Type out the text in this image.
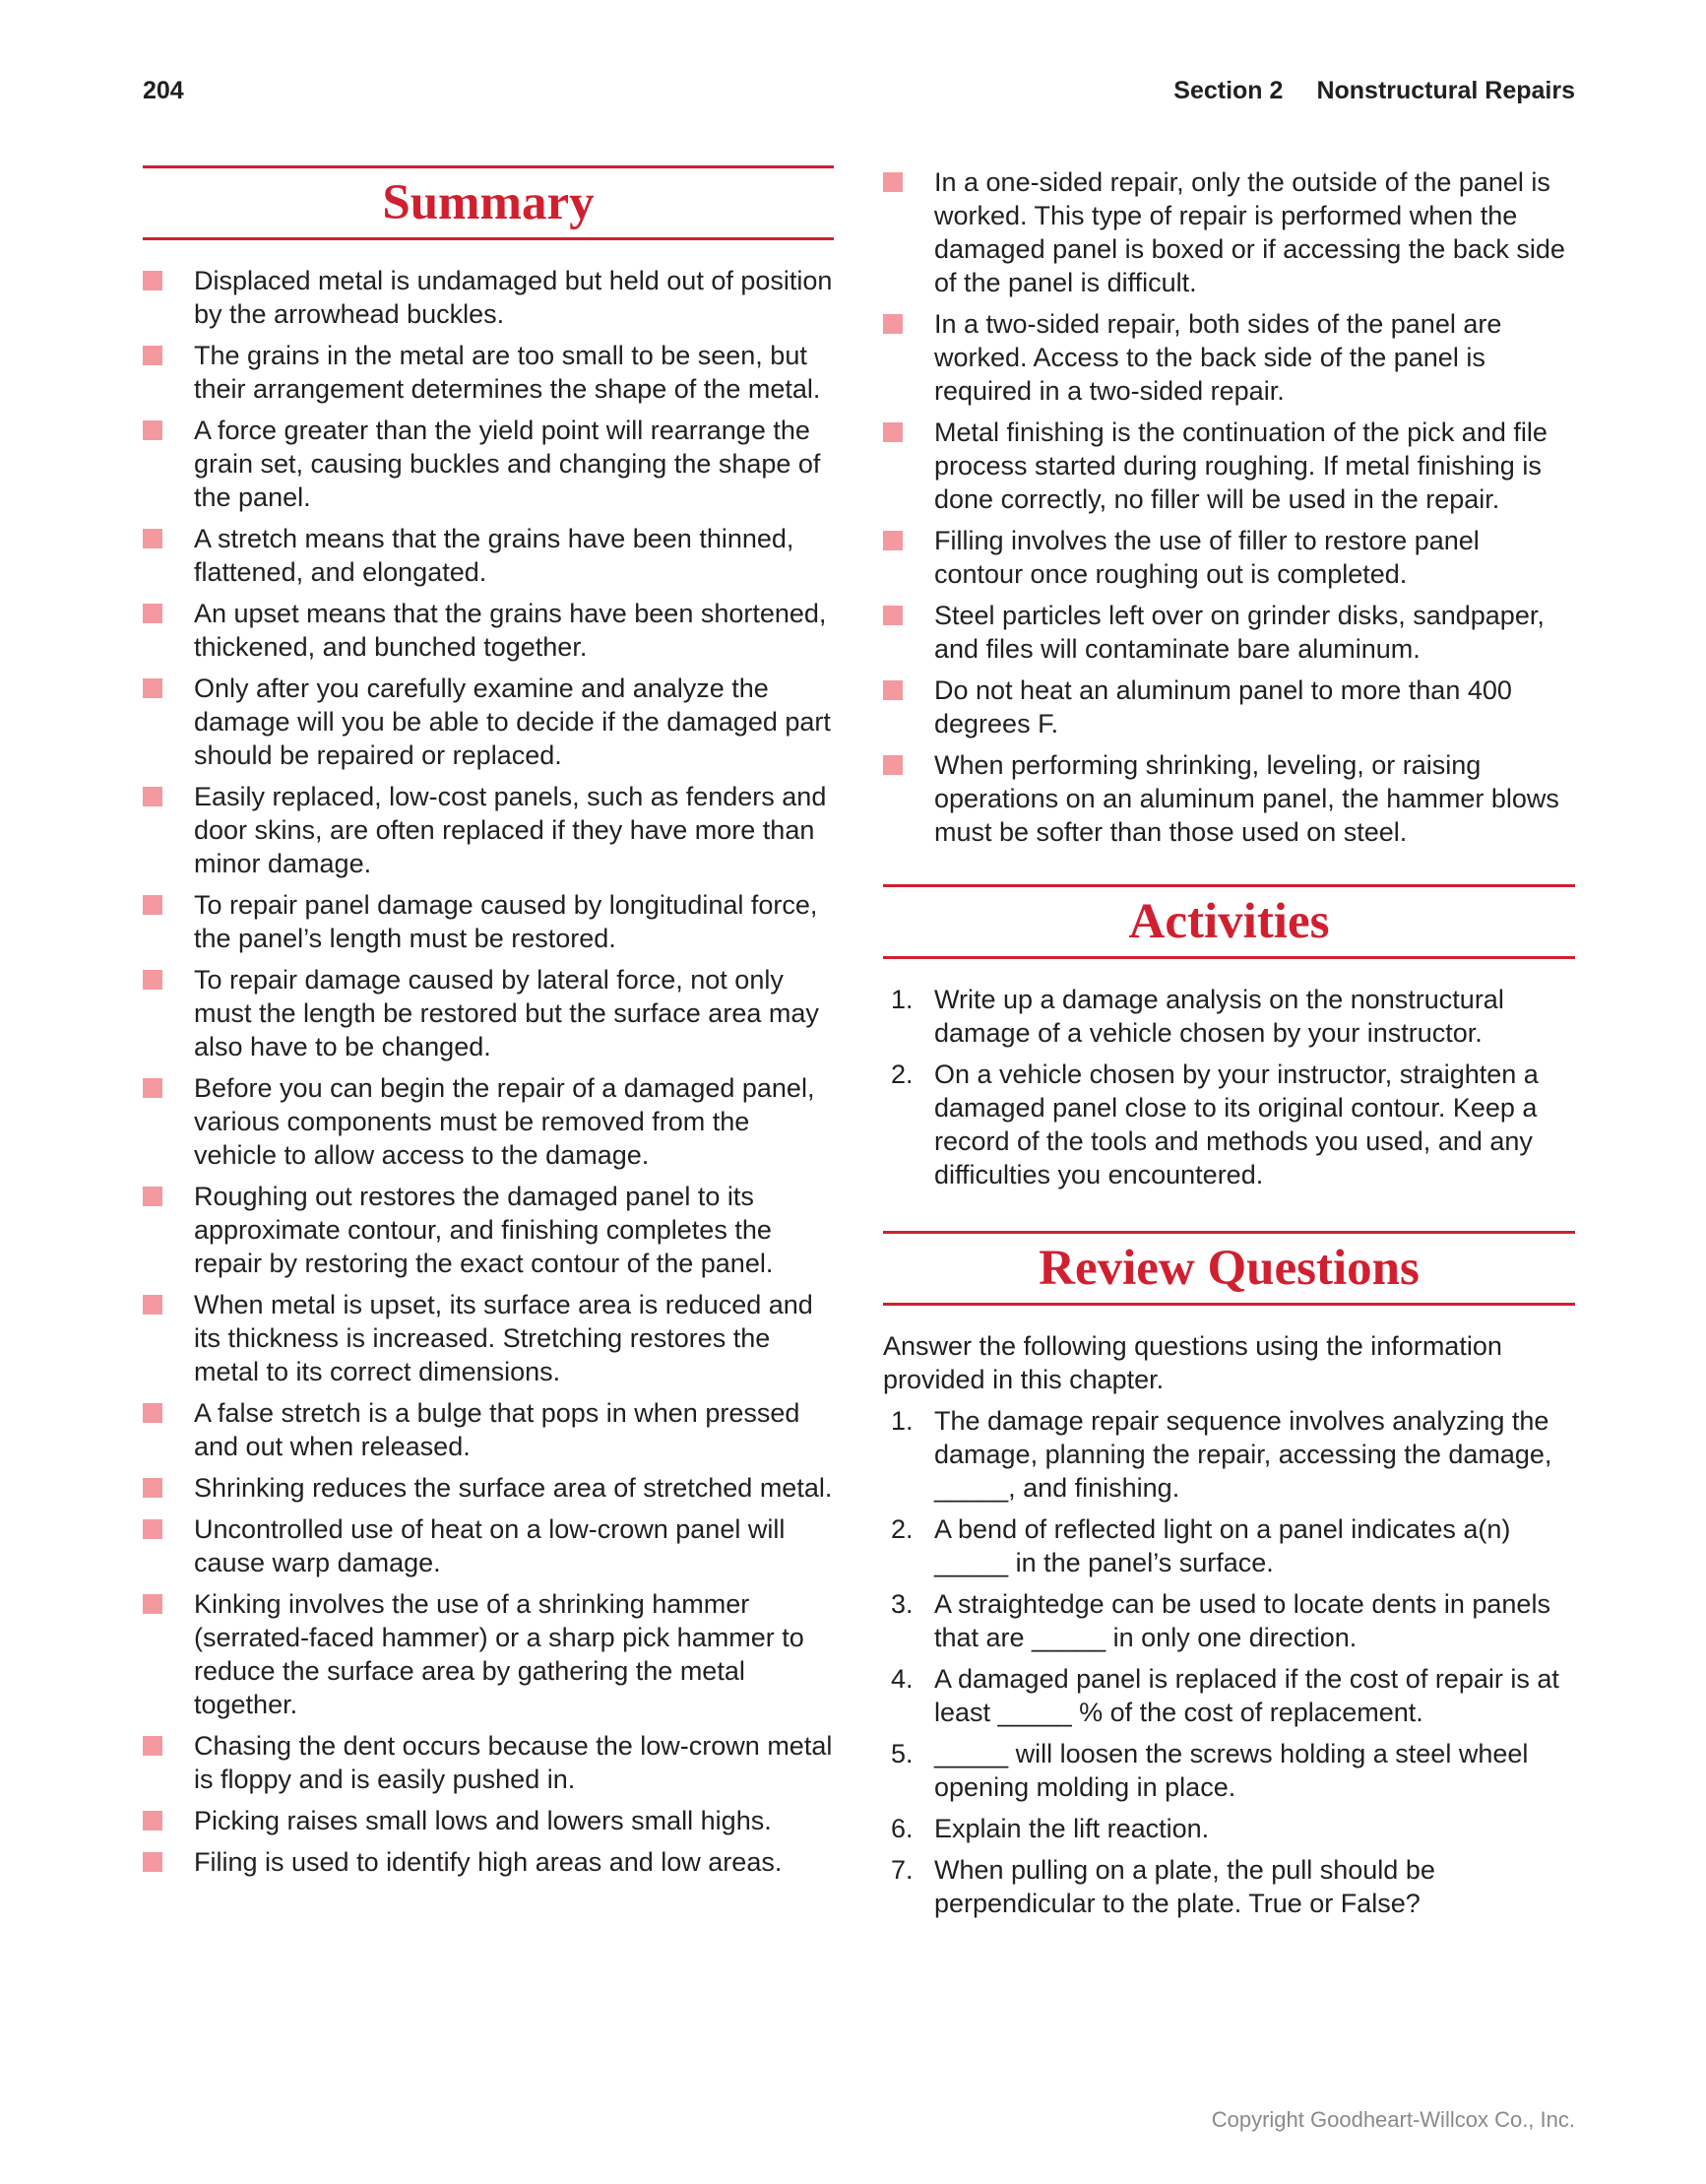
204	Section 2 Nonstructural Repairs
Summary
Displaced metal is undamaged but held out of position by the arrowhead buckles.
The grains in the metal are too small to be seen, but their arrangement determines the shape of the metal.
A force greater than the yield point will rearrange the grain set, causing buckles and changing the shape of the panel.
A stretch means that the grains have been thinned, flattened, and elongated.
An upset means that the grains have been shortened, thickened, and bunched together.
Only after you carefully examine and analyze the damage will you be able to decide if the damaged part should be repaired or replaced.
Easily replaced, low-cost panels, such as fenders and door skins, are often replaced if they have more than minor damage.
To repair panel damage caused by longitudinal force, the panel’s length must be restored.
To repair damage caused by lateral force, not only must the length be restored but the surface area may also have to be changed.
Before you can begin the repair of a damaged panel, various components must be removed from the vehicle to allow access to the damage.
Roughing out restores the damaged panel to its approximate contour, and finishing completes the repair by restoring the exact contour of the panel.
When metal is upset, its surface area is reduced and its thickness is increased. Stretching restores the metal to its correct dimensions.
A false stretch is a bulge that pops in when pressed and out when released.
Shrinking reduces the surface area of stretched metal.
Uncontrolled use of heat on a low-crown panel will cause warp damage.
Kinking involves the use of a shrinking hammer (serrated-faced hammer) or a sharp pick hammer to reduce the surface area by gathering the metal together.
Chasing the dent occurs because the low-crown metal is floppy and is easily pushed in.
Picking raises small lows and lowers small highs.
Filing is used to identify high areas and low areas.
In a one-sided repair, only the outside of the panel is worked. This type of repair is performed when the damaged panel is boxed or if accessing the back side of the panel is difficult.
In a two-sided repair, both sides of the panel are worked. Access to the back side of the panel is required in a two-sided repair.
Metal finishing is the continuation of the pick and file process started during roughing. If metal finishing is done correctly, no filler will be used in the repair.
Filling involves the use of filler to restore panel contour once roughing out is completed.
Steel particles left over on grinder disks, sandpaper, and files will contaminate bare aluminum.
Do not heat an aluminum panel to more than 400 degrees F.
When performing shrinking, leveling, or raising operations on an aluminum panel, the hammer blows must be softer than those used on steel.
Activities
1. Write up a damage analysis on the nonstructural damage of a vehicle chosen by your instructor.
2. On a vehicle chosen by your instructor, straighten a damaged panel close to its original contour. Keep a record of the tools and methods you used, and any difficulties you encountered.
Review Questions

Answer the following questions using the information provided in this chapter.

1. The damage repair sequence involves analyzing the damage, planning the repair, accessing the damage, _____, and finishing.
2. A bend of reflected light on a panel indicates a(n) _____ in the panel’s surface.
3. A straightedge can be used to locate dents in panels that are _____ in only one direction.
4. A damaged panel is replaced if the cost of repair is at least _____ % of the cost of replacement.
5. _____ will loosen the screws holding a steel wheel opening molding in place.
6. Explain the lift reaction.
7. When pulling on a plate, the pull should be perpendicular to the plate. True or False?
Copyright Goodheart-Willcox Co., Inc.
